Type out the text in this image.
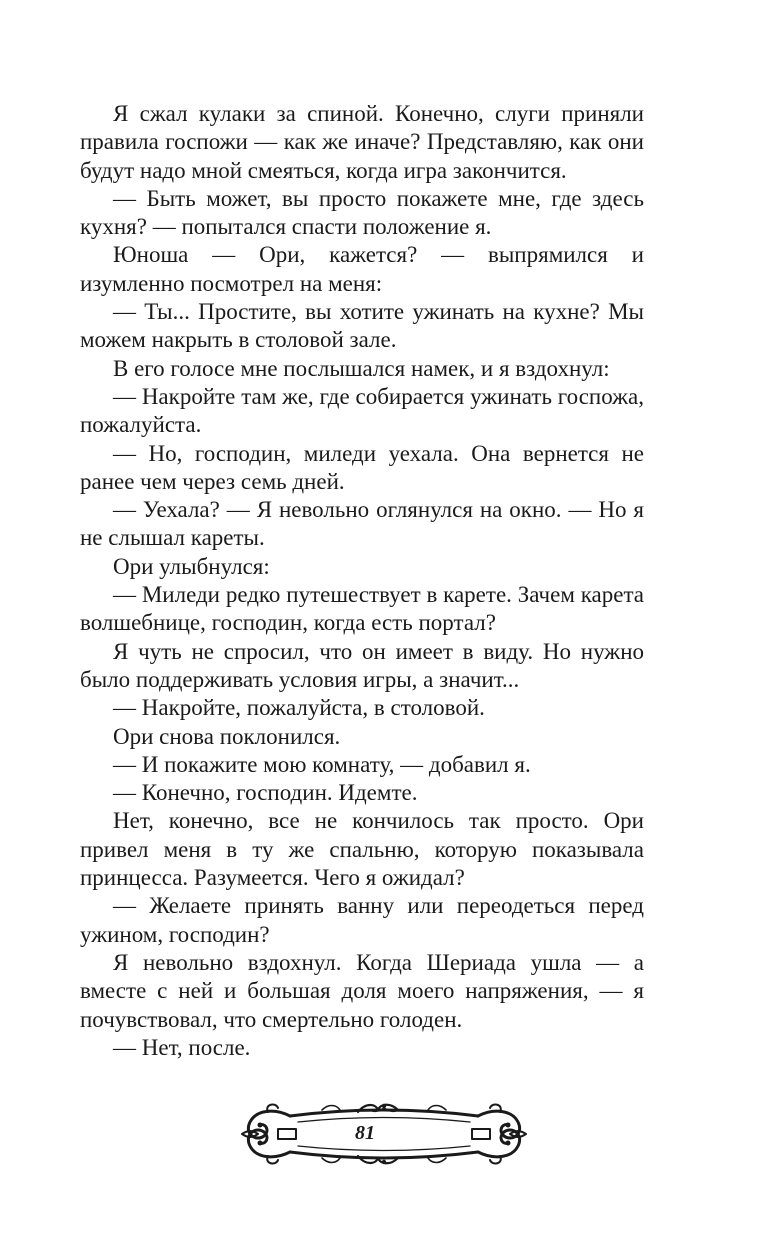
Я сжал кулаки за спиной. Конечно, слуги приняли правила госпожи — как же иначе? Представляю, как они будут надо мной смеяться, когда игра закончится.

— Быть может, вы просто покажете мне, где здесь кухня? — попытался спасти положение я.

Юноша — Ори, кажется? — выпрямился и изумленно посмотрел на меня:

— Ты... Простите, вы хотите ужинать на кухне? Мы можем накрыть в столовой зале.

В его голосе мне послышался намек, и я вздохнул:

— Накройте там же, где собирается ужинать госпожа, пожалуйста.

— Но, господин, миледи уехала. Она вернется не ранее чем через семь дней.

— Уехала? — Я невольно оглянулся на окно. — Но я не слышал кареты.

Ори улыбнулся:

— Миледи редко путешествует в карете. Зачем карета волшебнице, господин, когда есть портал?

Я чуть не спросил, что он имеет в виду. Но нужно было поддерживать условия игры, а значит...

— Накройте, пожалуйста, в столовой.

Ори снова поклонился.

— И покажите мою комнату, — добавил я.

— Конечно, господин. Идемте.

Нет, конечно, все не кончилось так просто. Ори привел меня в ту же спальню, которую показывала принцесса. Разумеется. Чего я ожидал?

— Желаете принять ванну или переодеться перед ужином, господин?

Я невольно вздохнул. Когда Шериада ушла — а вместе с ней и большая доля моего напряжения, — я почувствовал, что смертельно голоден.

— Нет, после.

81
